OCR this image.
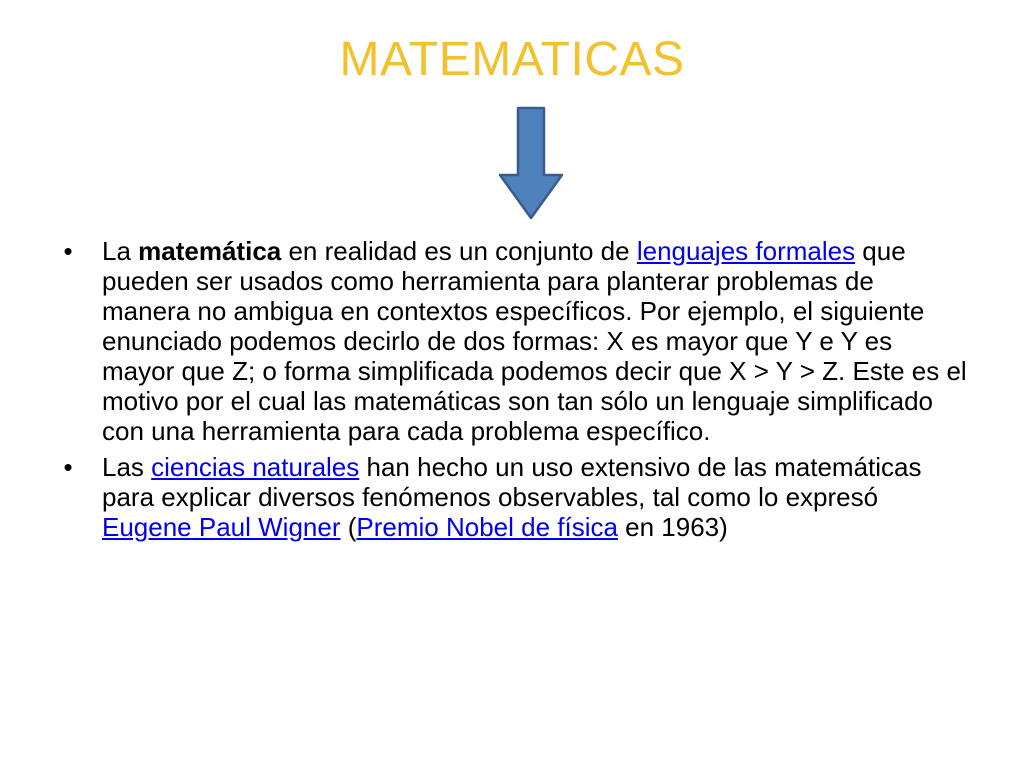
MATEMATICAS
• La matemática en realidad es un conjunto de lenguajes formales que pueden ser usados como herramienta para planterar problemas de manera no ambigua en contextos específicos. Por ejemplo, el siguiente enunciado podemos decirlo de dos formas: X es mayor que Y e Y es mayor que Z; o forma simplificada podemos decir que X > Y > Z. Este es el motivo por el cual las matemáticas son tan sólo un lenguaje simplificado con una herramienta para cada problema específico.
• Las ciencias naturales han hecho un uso extensivo de las matemáticas para explicar diversos fenómenos observables, tal como lo expresó Eugene Paul Wigner (Premio Nobel de física en 1963)
